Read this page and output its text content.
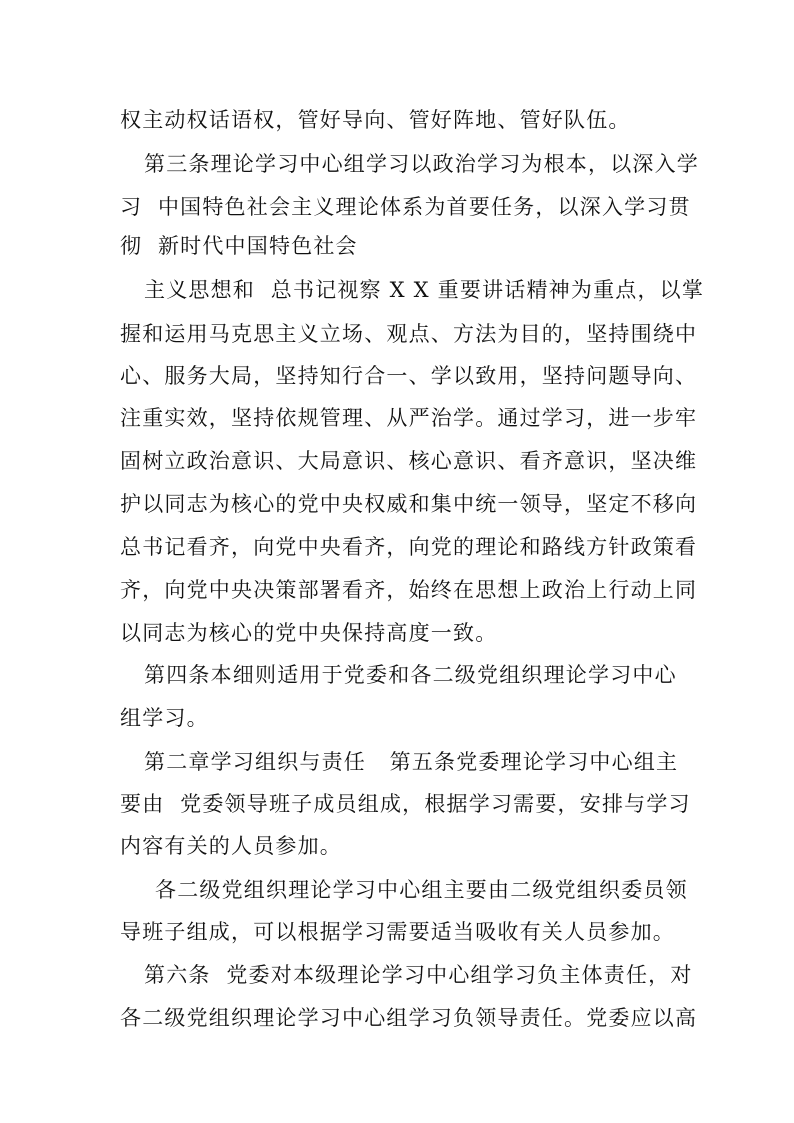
权主动权话语权，管好导向、管好阵地、管好队伍。
第三条理论学习中心组学习以政治学习为根本，以深入学
习  中国特色社会主义理论体系为首要任务，以深入学习贯
彻  新时代中国特色社会
主义思想和  总书记视察 X X 重要讲话精神为重点，以掌
握和运用马克思主义立场、观点、方法为目的，坚持围绕中
心、服务大局，坚持知行合一、学以致用，坚持问题导向、
注重实效，坚持依规管理、从严治学。通过学习，进一步牢
固树立政治意识、大局意识、核心意识、看齐意识，坚决维
护以同志为核心的党中央权威和集中统一领导，坚定不移向
总书记看齐，向党中央看齐，向党的理论和路线方针政策看
齐，向党中央决策部署看齐，始终在思想上政治上行动上同
以同志为核心的党中央保持高度一致。
第四条本细则适用于党委和各二级党组织理论学习中心
组学习。
第二章学习组织与责任   第五条党委理论学习中心组主
要由  党委领导班子成员组成，根据学习需要，安排与学习
内容有关的人员参加。
各二级党组织理论学习中心组主要由二级党组织委员领
导班子组成，可以根据学习需要适当吸收有关人员参加。
第六条  党委对本级理论学习中心组学习负主体责任，对
各二级党组织理论学习中心组学习负领导责任。党委应以高
